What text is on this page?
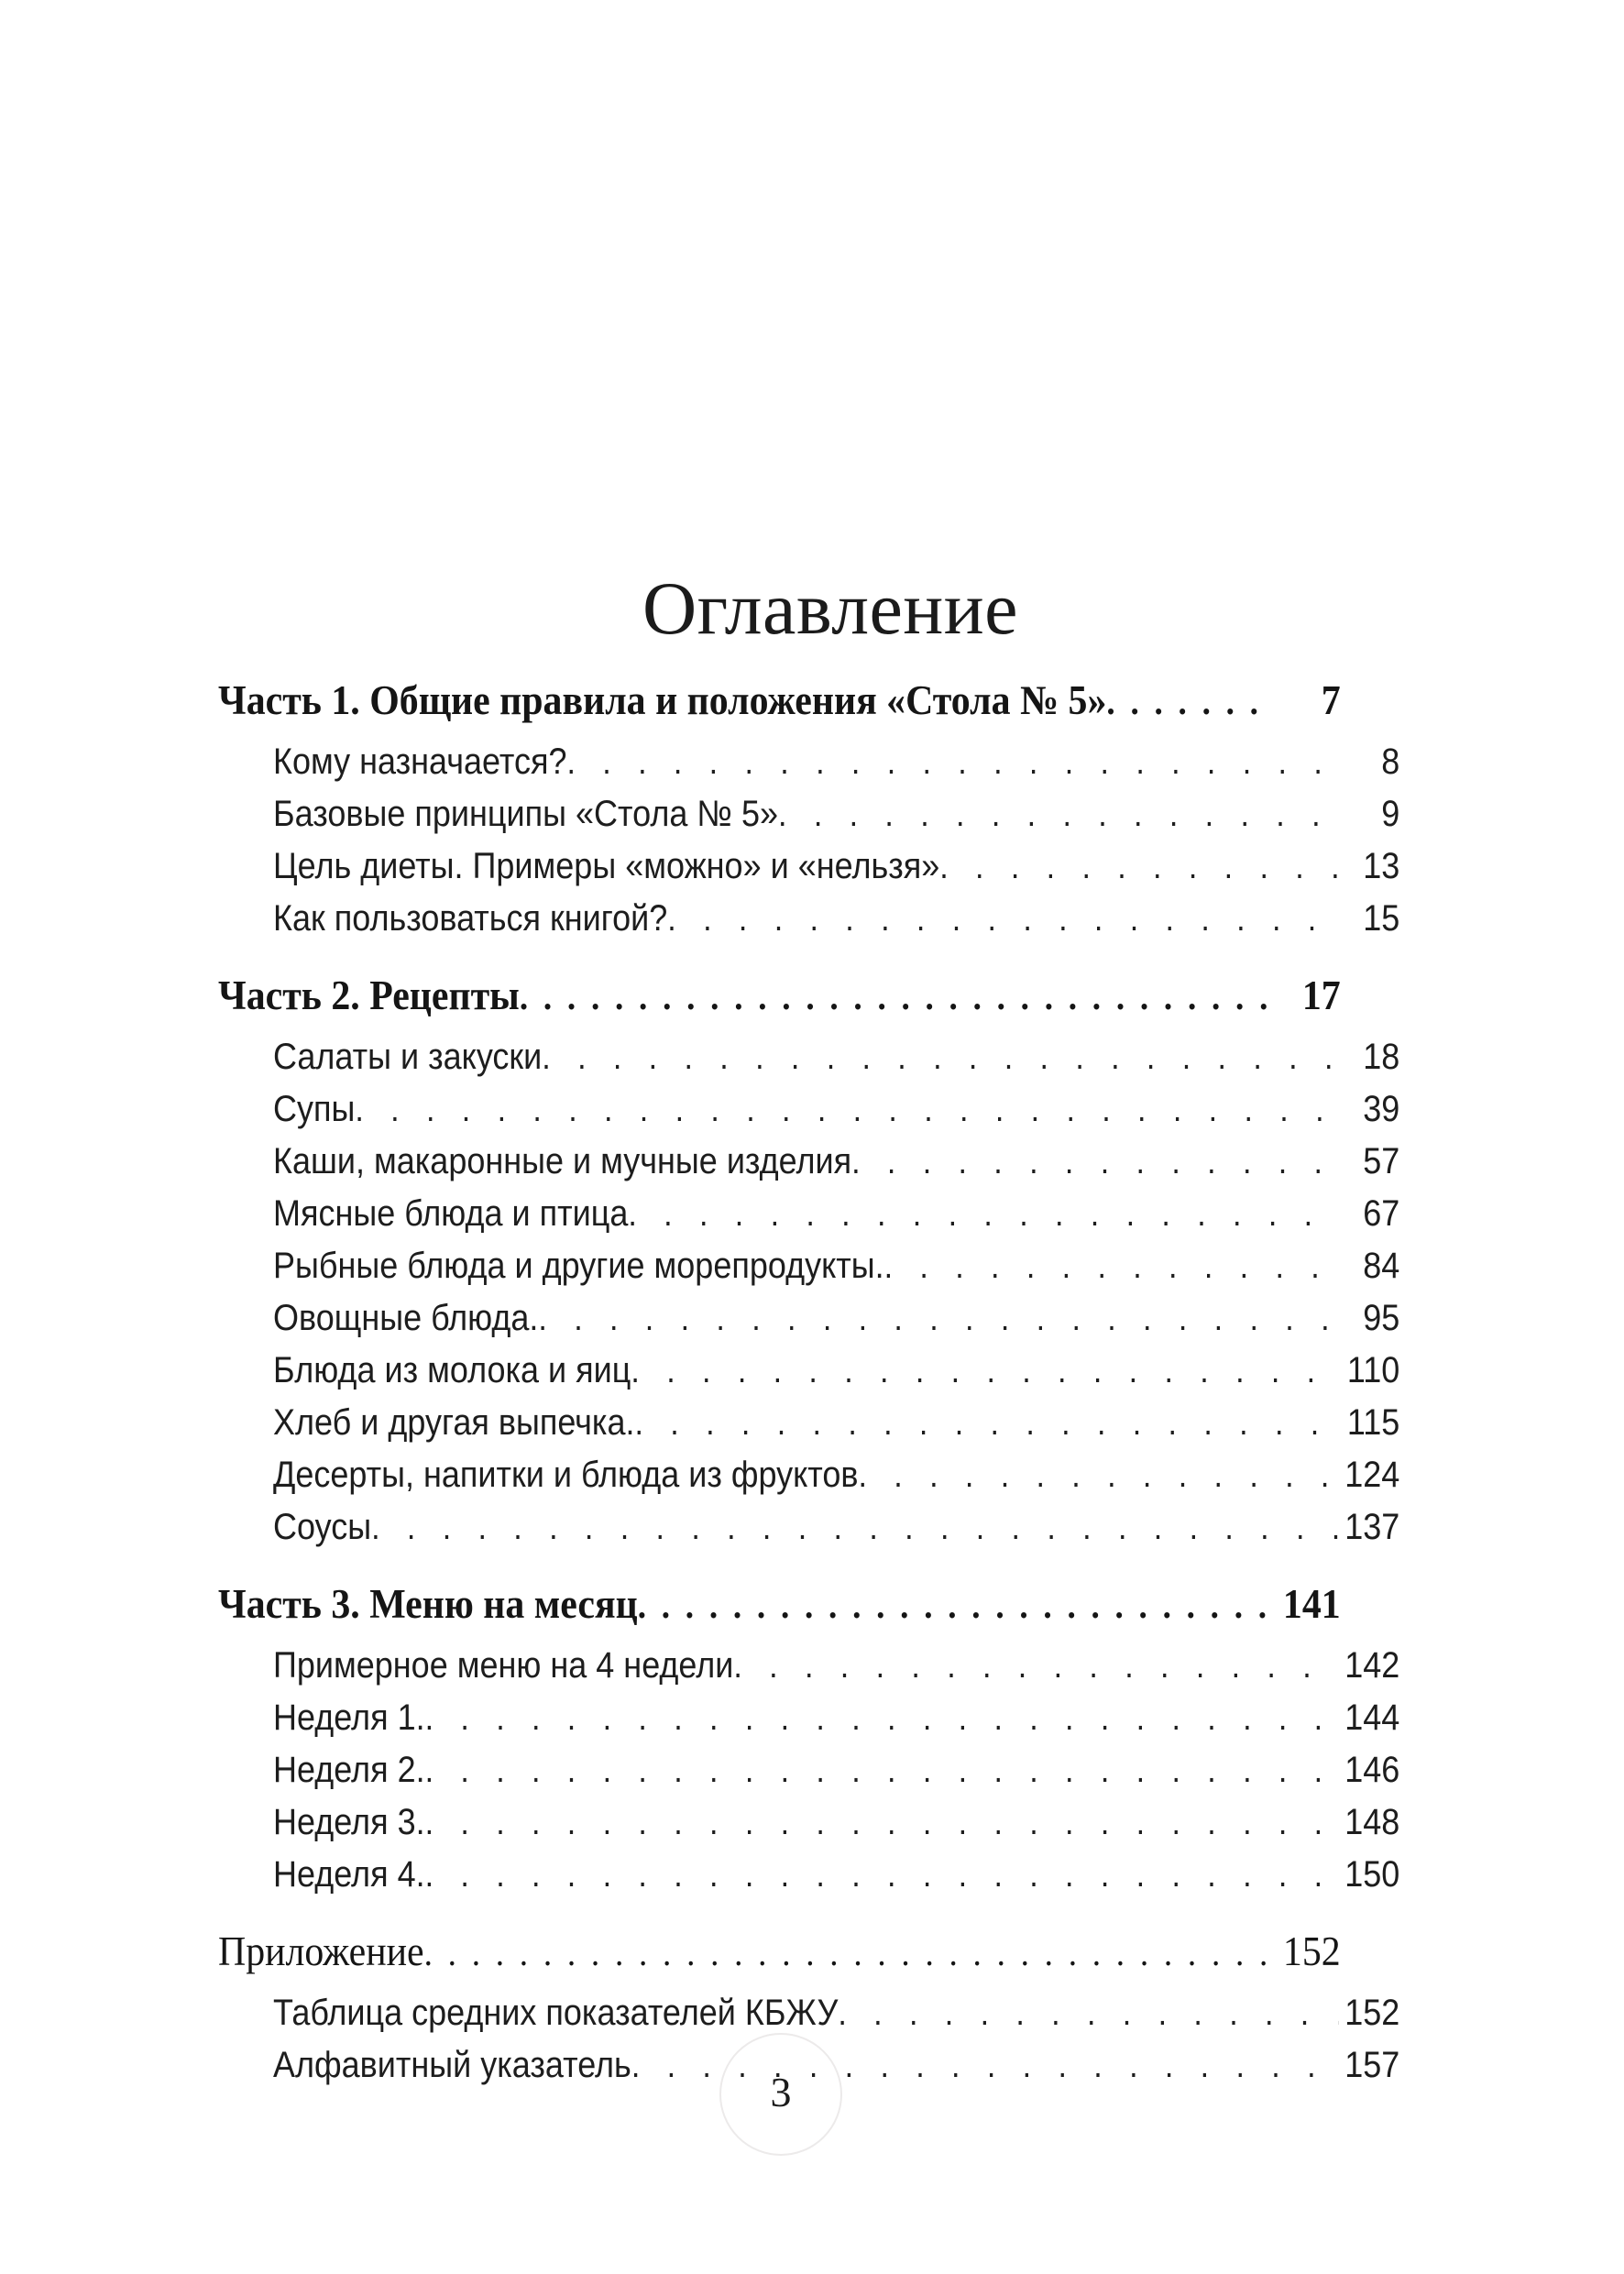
Оглавление
Часть 1. Общие правила и положения «Стола № 5» . . .	7
Кому назначается? . . .	8
Базовые принципы «Стола № 5» . . .	9
Цель диеты. Примеры «можно» и «нельзя» . . .	13
Как пользоваться книгой? . . .	15
Часть 2. Рецепты . . .	17
Салаты и закуски . . .	18
Супы . . .	39
Каши, макаронные и мучные изделия . . .	57
Мясные блюда и птица . . .	67
Рыбные блюда и другие морепродукты. . . .	84
Овощные блюда. . . .	95
Блюда из молока и яиц . . .	110
Хлеб и другая выпечка. . . .	115
Десерты, напитки и блюда из фруктов . . .	124
Соусы . . .	137
Часть 3. Меню на месяц . . .	141
Примерное меню на 4 недели . . .	142
Неделя 1. . . .	144
Неделя 2. . . .	146
Неделя 3. . . .	148
Неделя 4. . . .	150
Приложение . . .	152
Таблица средних показателей КБЖУ . . .	152
Алфавитный указатель . . .	157
3
